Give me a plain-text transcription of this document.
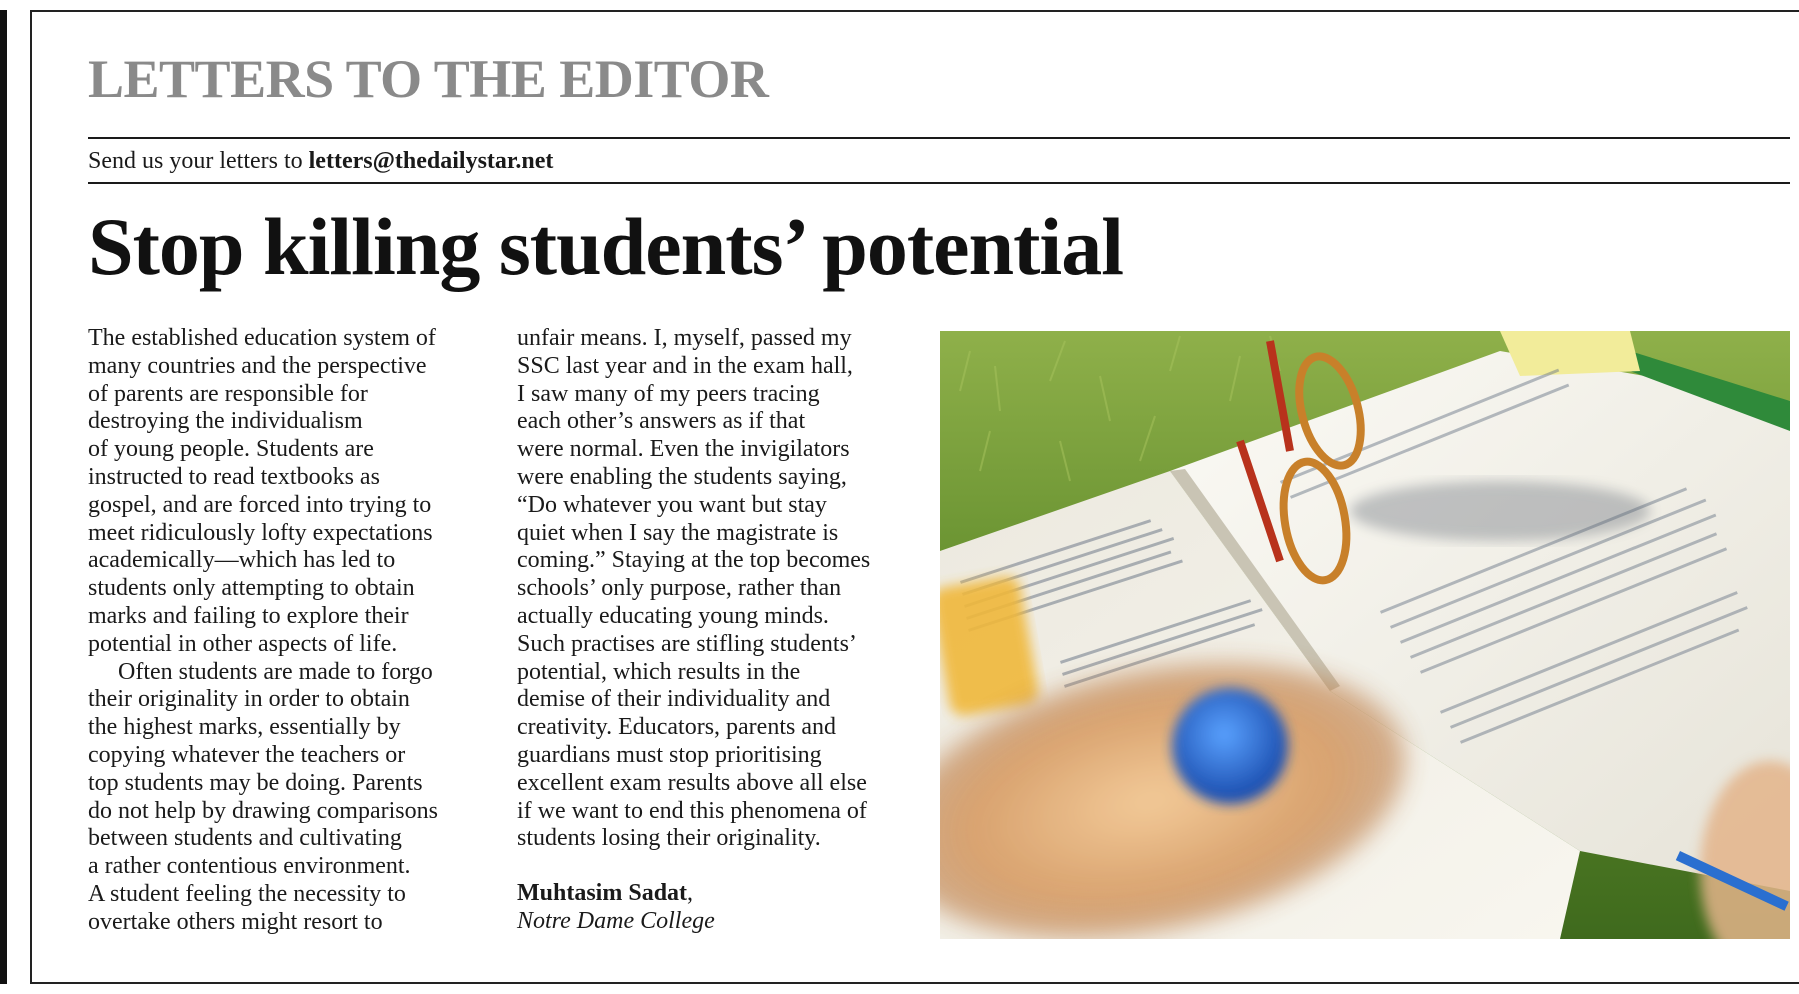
LETTERS TO THE EDITOR
Send us your letters to letters@thedailystar.net
Stop killing students’ potential

The established education system of
many countries and the perspective
of parents are responsible for
destroying the individualism
of young people. Students are
instructed to read textbooks as
gospel, and are forced into trying to
meet ridiculously lofty expectations
academically—which has led to
students only attempting to obtain
marks and failing to explore their
potential in other aspects of life.

Often students are made to forgo
their originality in order to obtain
the highest marks, essentially by
copying whatever the teachers or
top students may be doing. Parents
do not help by drawing comparisons
between students and cultivating
a rather contentious environment.
A student feeling the necessity to
overtake others might resort to

unfair means. I, myself, passed my
SSC last year and in the exam hall,
I saw many of my peers tracing
each other’s answers as if that
were normal. Even the invigilators
were enabling the students saying,
“Do whatever you want but stay
quiet when I say the magistrate is
coming.” Staying at the top becomes
schools’ only purpose, rather than
actually educating young minds.
Such practises are stifling students’
potential, which results in the
demise of their individuality and
creativity. Educators, parents and
guardians must stop prioritising
excellent exam results above all else
if we want to end this phenomena of
students losing their originality.

Muhtasim Sadat,
Notre Dame College
